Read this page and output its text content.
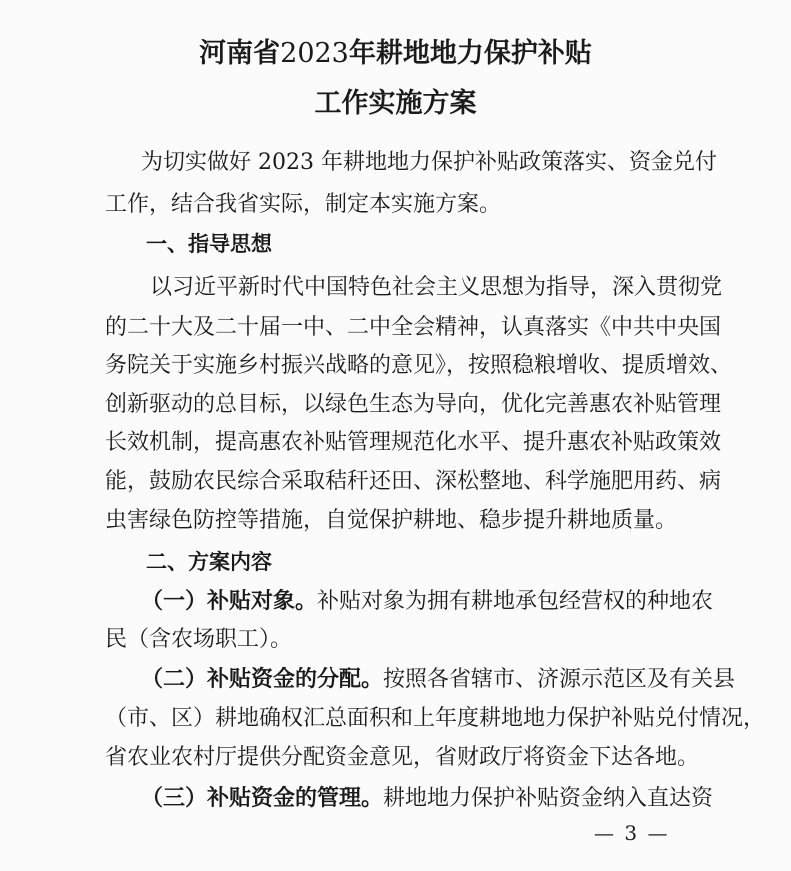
河南省2023年耕地地力保护补贴
工作实施方案
为切实做好 2023 年耕地地力保护补贴政策落实、资金兑付
工作，结合我省实际，制定本实施方案。
一、指导思想
以习近平新时代中国特色社会主义思想为指导，深入贯彻党
的二十大及二十届一中、二中全会精神，认真落实《中共中央国
务院关于实施乡村振兴战略的意见》，按照稳粮增收、提质增效、
创新驱动的总目标，以绿色生态为导向，优化完善惠农补贴管理
长效机制，提高惠农补贴管理规范化水平、提升惠农补贴政策效
能，鼓励农民综合采取秸秆还田、深松整地、科学施肥用药、病
虫害绿色防控等措施，自觉保护耕地、稳步提升耕地质量。
二、方案内容
（一）补贴对象。补贴对象为拥有耕地承包经营权的种地农
民（含农场职工）。
（二）补贴资金的分配。按照各省辖市、济源示范区及有关县
（市、区）耕地确权汇总面积和上年度耕地地力保护补贴兑付情况，
省农业农村厅提供分配资金意见，省财政厅将资金下达各地。
（三）补贴资金的管理。耕地地力保护补贴资金纳入直达资
— 3 —
